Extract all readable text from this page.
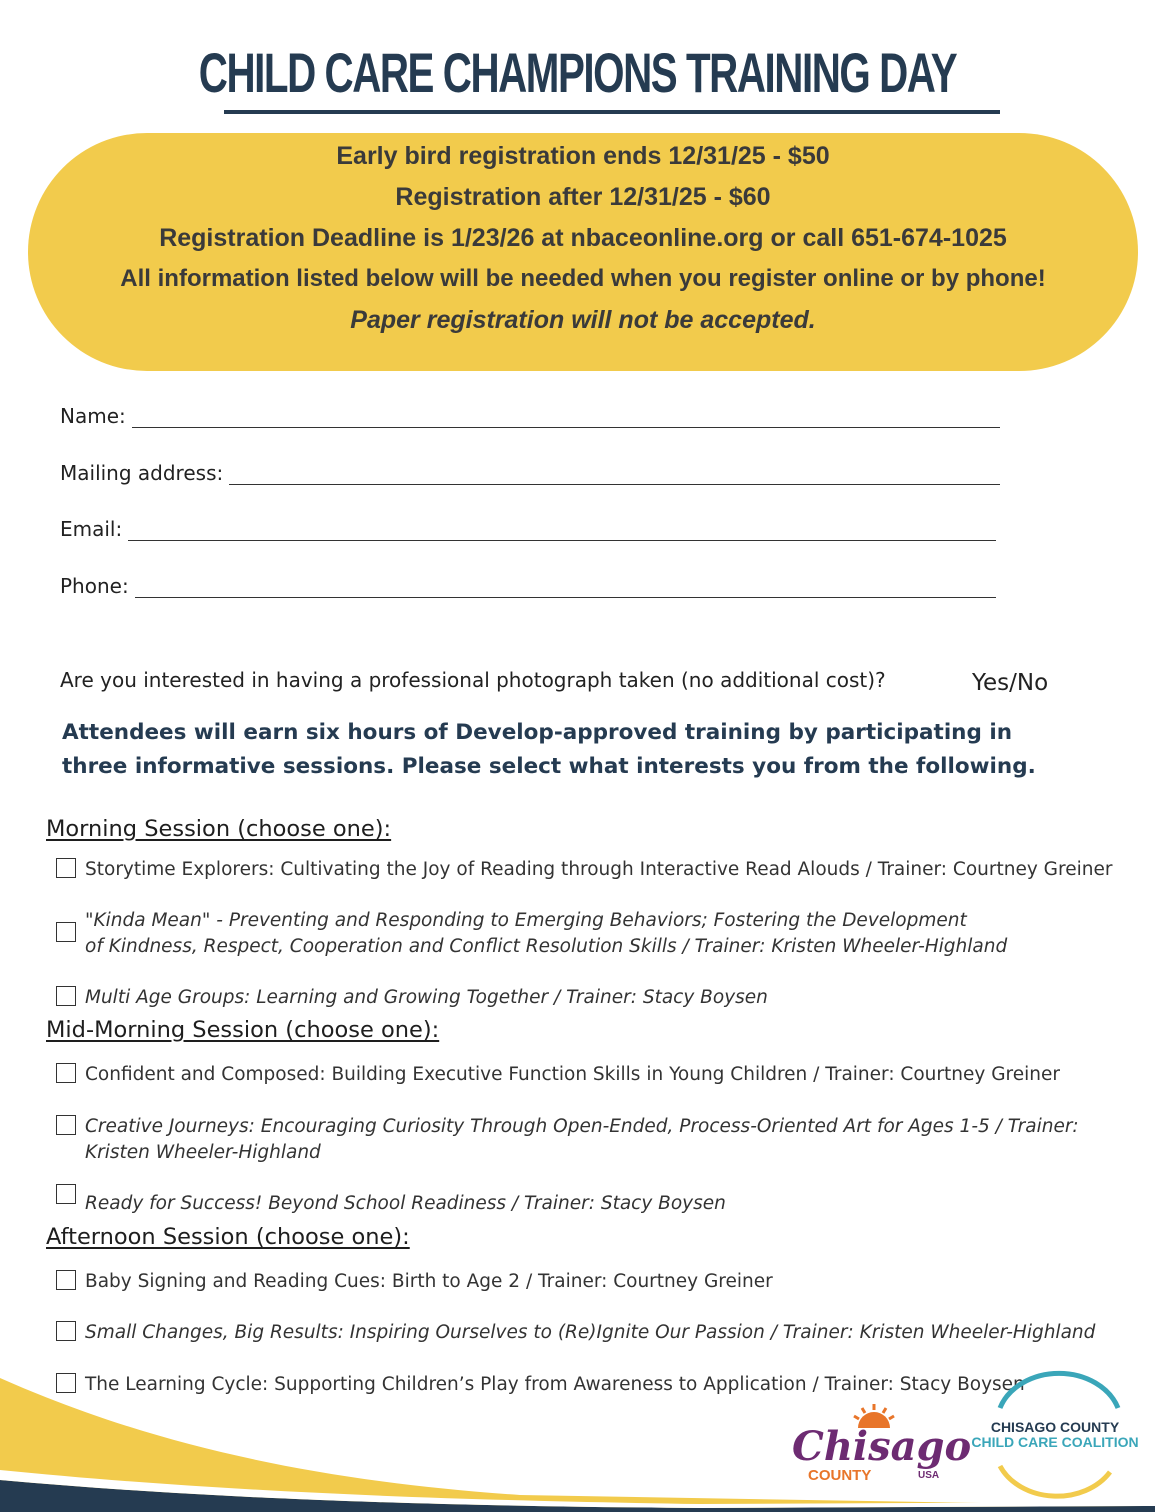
CHILD CARE CHAMPIONS TRAINING DAY
Early bird registration ends 12/31/25 - $50
Registration after 12/31/25 - $60
Registration Deadline is 1/23/26 at nbaceonline.org or call 651-674-1025
All information listed below will be needed when you register online or by phone!
Paper registration will not be accepted.
Name:
Mailing address:
Email:
Phone:
Are you interested in having a professional photograph taken (no additional cost)?	Yes/No
Attendees will earn six hours of Develop-approved training by participating in
three informative sessions. Please select what interests you from the following.
Morning Session (choose one):
Storytime Explorers: Cultivating the Joy of Reading through Interactive Read Alouds / Trainer: Courtney Greiner
"Kinda Mean" - Preventing and Responding to Emerging Behaviors; Fostering the Development
of Kindness, Respect, Cooperation and Conflict Resolution Skills / Trainer: Kristen Wheeler-Highland
Multi Age Groups: Learning and Growing Together / Trainer: Stacy Boysen
Mid-Morning Session (choose one):
Confident and Composed: Building Executive Function Skills in Young Children / Trainer: Courtney Greiner
Creative Journeys: Encouraging Curiosity Through Open-Ended, Process-Oriented Art for Ages 1-5 / Trainer:
Kristen Wheeler-Highland
Ready for Success! Beyond School Readiness / Trainer: Stacy Boysen
Afternoon Session (choose one):
Baby Signing and Reading Cues: Birth to Age 2 / Trainer: Courtney Greiner
Small Changes, Big Results: Inspiring Ourselves to (Re)Ignite Our Passion / Trainer: Kristen Wheeler-Highland
The Learning Cycle: Supporting Children’s Play from Awareness to Application / Trainer: Stacy Boysen
Chisago
COUNTY	USA
CHISAGO COUNTY
CHILD CARE COALITION
